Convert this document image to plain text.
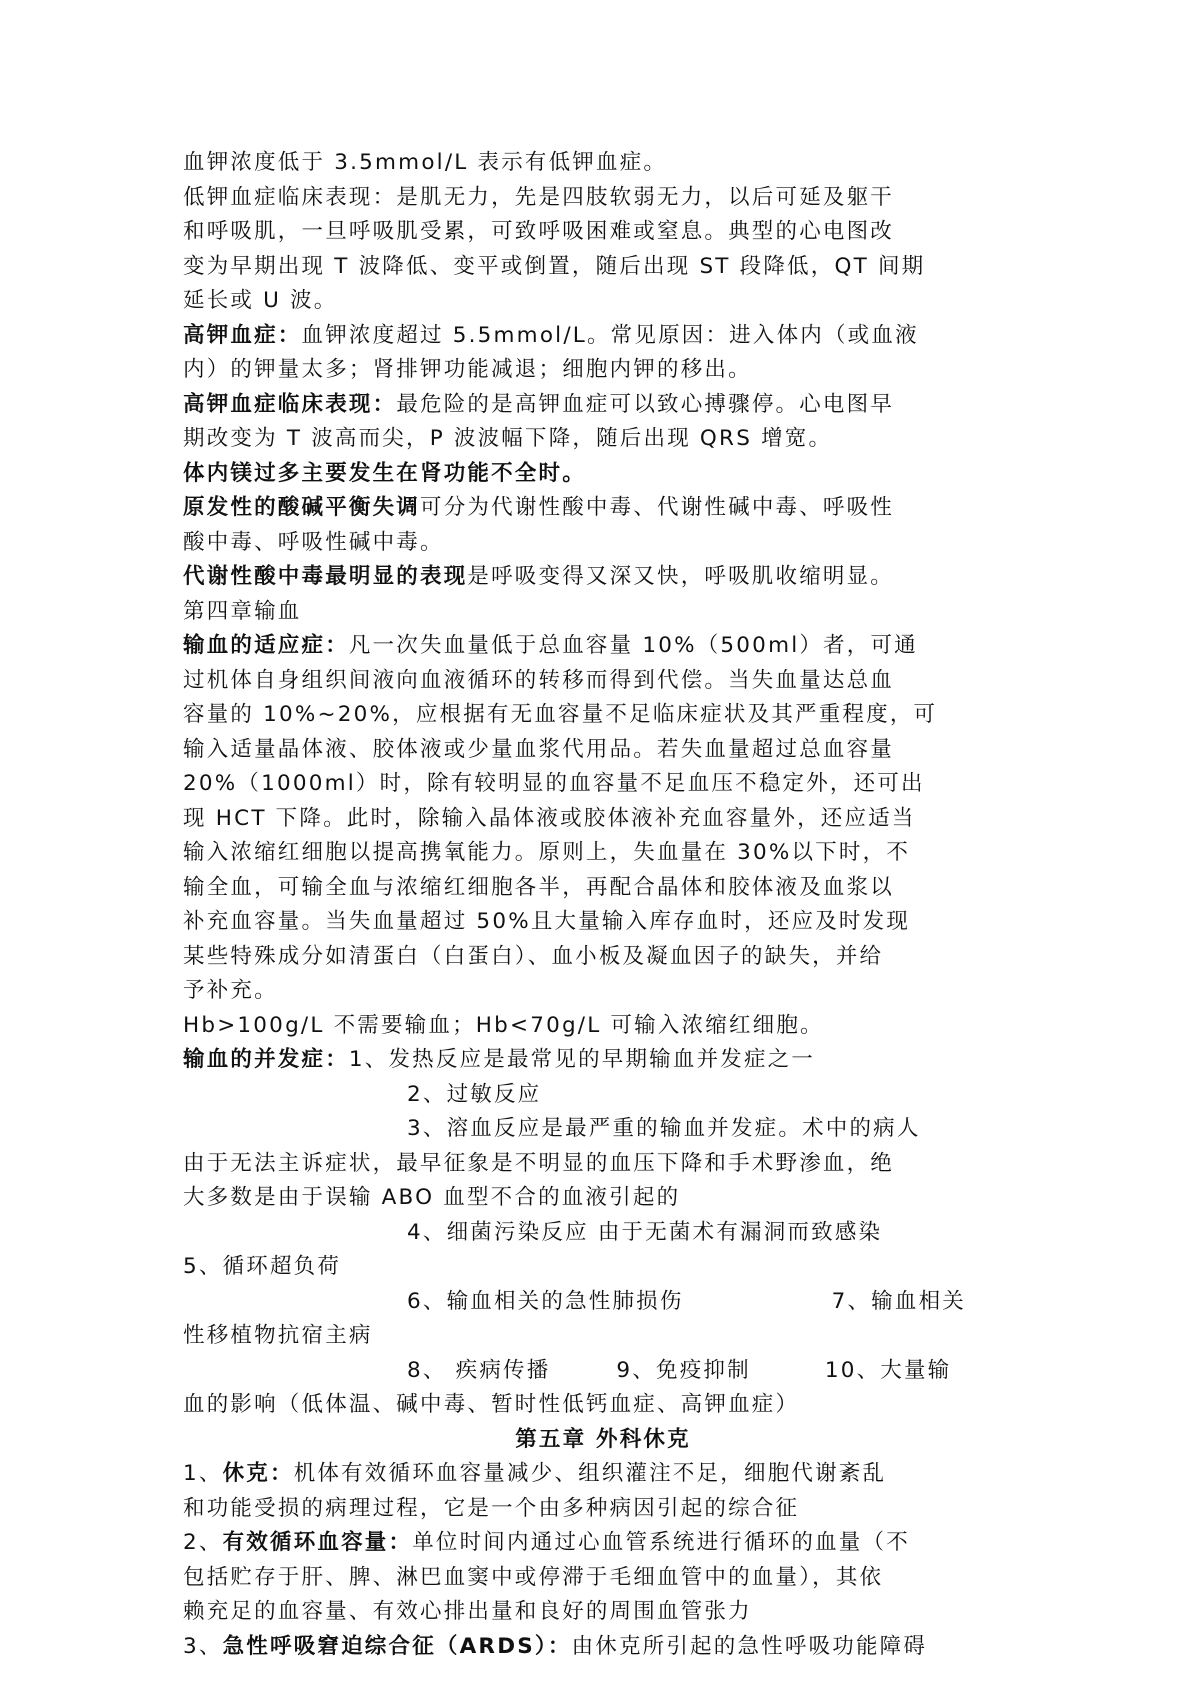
血钾浓度低于 3.5mmol/L 表示有低钾血症。
低钾血症临床表现：是肌无力，先是四肢软弱无力，以后可延及躯干
和呼吸肌，一旦呼吸肌受累，可致呼吸困难或窒息。典型的心电图改
变为早期出现 T 波降低、变平或倒置，随后出现 ST 段降低，QT 间期
延长或 U 波。
高钾血症：血钾浓度超过 5.5mmol/L。常见原因：进入体内（或血液
内）的钾量太多；肾排钾功能减退；细胞内钾的移出。
高钾血症临床表现：最危险的是高钾血症可以致心搏骤停。心电图早
期改变为 T 波高而尖，P 波波幅下降，随后出现 QRS 增宽。
体内镁过多主要发生在肾功能不全时。
原发性的酸碱平衡失调可分为代谢性酸中毒、代谢性碱中毒、呼吸性
酸中毒、呼吸性碱中毒。
代谢性酸中毒最明显的表现是呼吸变得又深又快，呼吸肌收缩明显。
第四章输血
输血的适应症：凡一次失血量低于总血容量 10%（500ml）者，可通
过机体自身组织间液向血液循环的转移而得到代偿。当失血量达总血
容量的 10%~20%，应根据有无血容量不足临床症状及其严重程度，可
输入适量晶体液、胶体液或少量血浆代用品。若失血量超过总血容量
20%（1000ml）时，除有较明显的血容量不足血压不稳定外，还可出
现 HCT 下降。此时，除输入晶体液或胶体液补充血容量外，还应适当
输入浓缩红细胞以提高携氧能力。原则上，失血量在 30%以下时，不
输全血，可输全血与浓缩红细胞各半，再配合晶体和胶体液及血浆以
补充血容量。当失血量超过 50%且大量输入库存血时，还应及时发现
某些特殊成分如清蛋白（白蛋白）、血小板及凝血因子的缺失，并给
予补充。
Hb>100g/L 不需要输血；Hb<70g/L 可输入浓缩红细胞。
输血的并发症：1、发热反应是最常见的早期输血并发症之一
2、过敏反应
3、溶血反应是最严重的输血并发症。术中的病人
由于无法主诉症状，最早征象是不明显的血压下降和手术野渗血，绝
大多数是由于误输 ABO 血型不合的血液引起的
4、细菌污染反应 由于无菌术有漏洞而致感染
5、循环超负荷
6、输血相关的急性肺损伤	7、输血相关
性移植物抗宿主病
8、 疾病传播	9、免疫抑制	10、大量输
血的影响（低体温、碱中毒、暂时性低钙血症、高钾血症）
第五章 外科休克
1、休克：机体有效循环血容量减少、组织灌注不足，细胞代谢紊乱
和功能受损的病理过程，它是一个由多种病因引起的综合征
2、有效循环血容量：单位时间内通过心血管系统进行循环的血量（不
包括贮存于肝、脾、淋巴血窦中或停滞于毛细血管中的血量），其依
赖充足的血容量、有效心排出量和良好的周围血管张力
3、急性呼吸窘迫综合征（ARDS）：由休克所引起的急性呼吸功能障碍
